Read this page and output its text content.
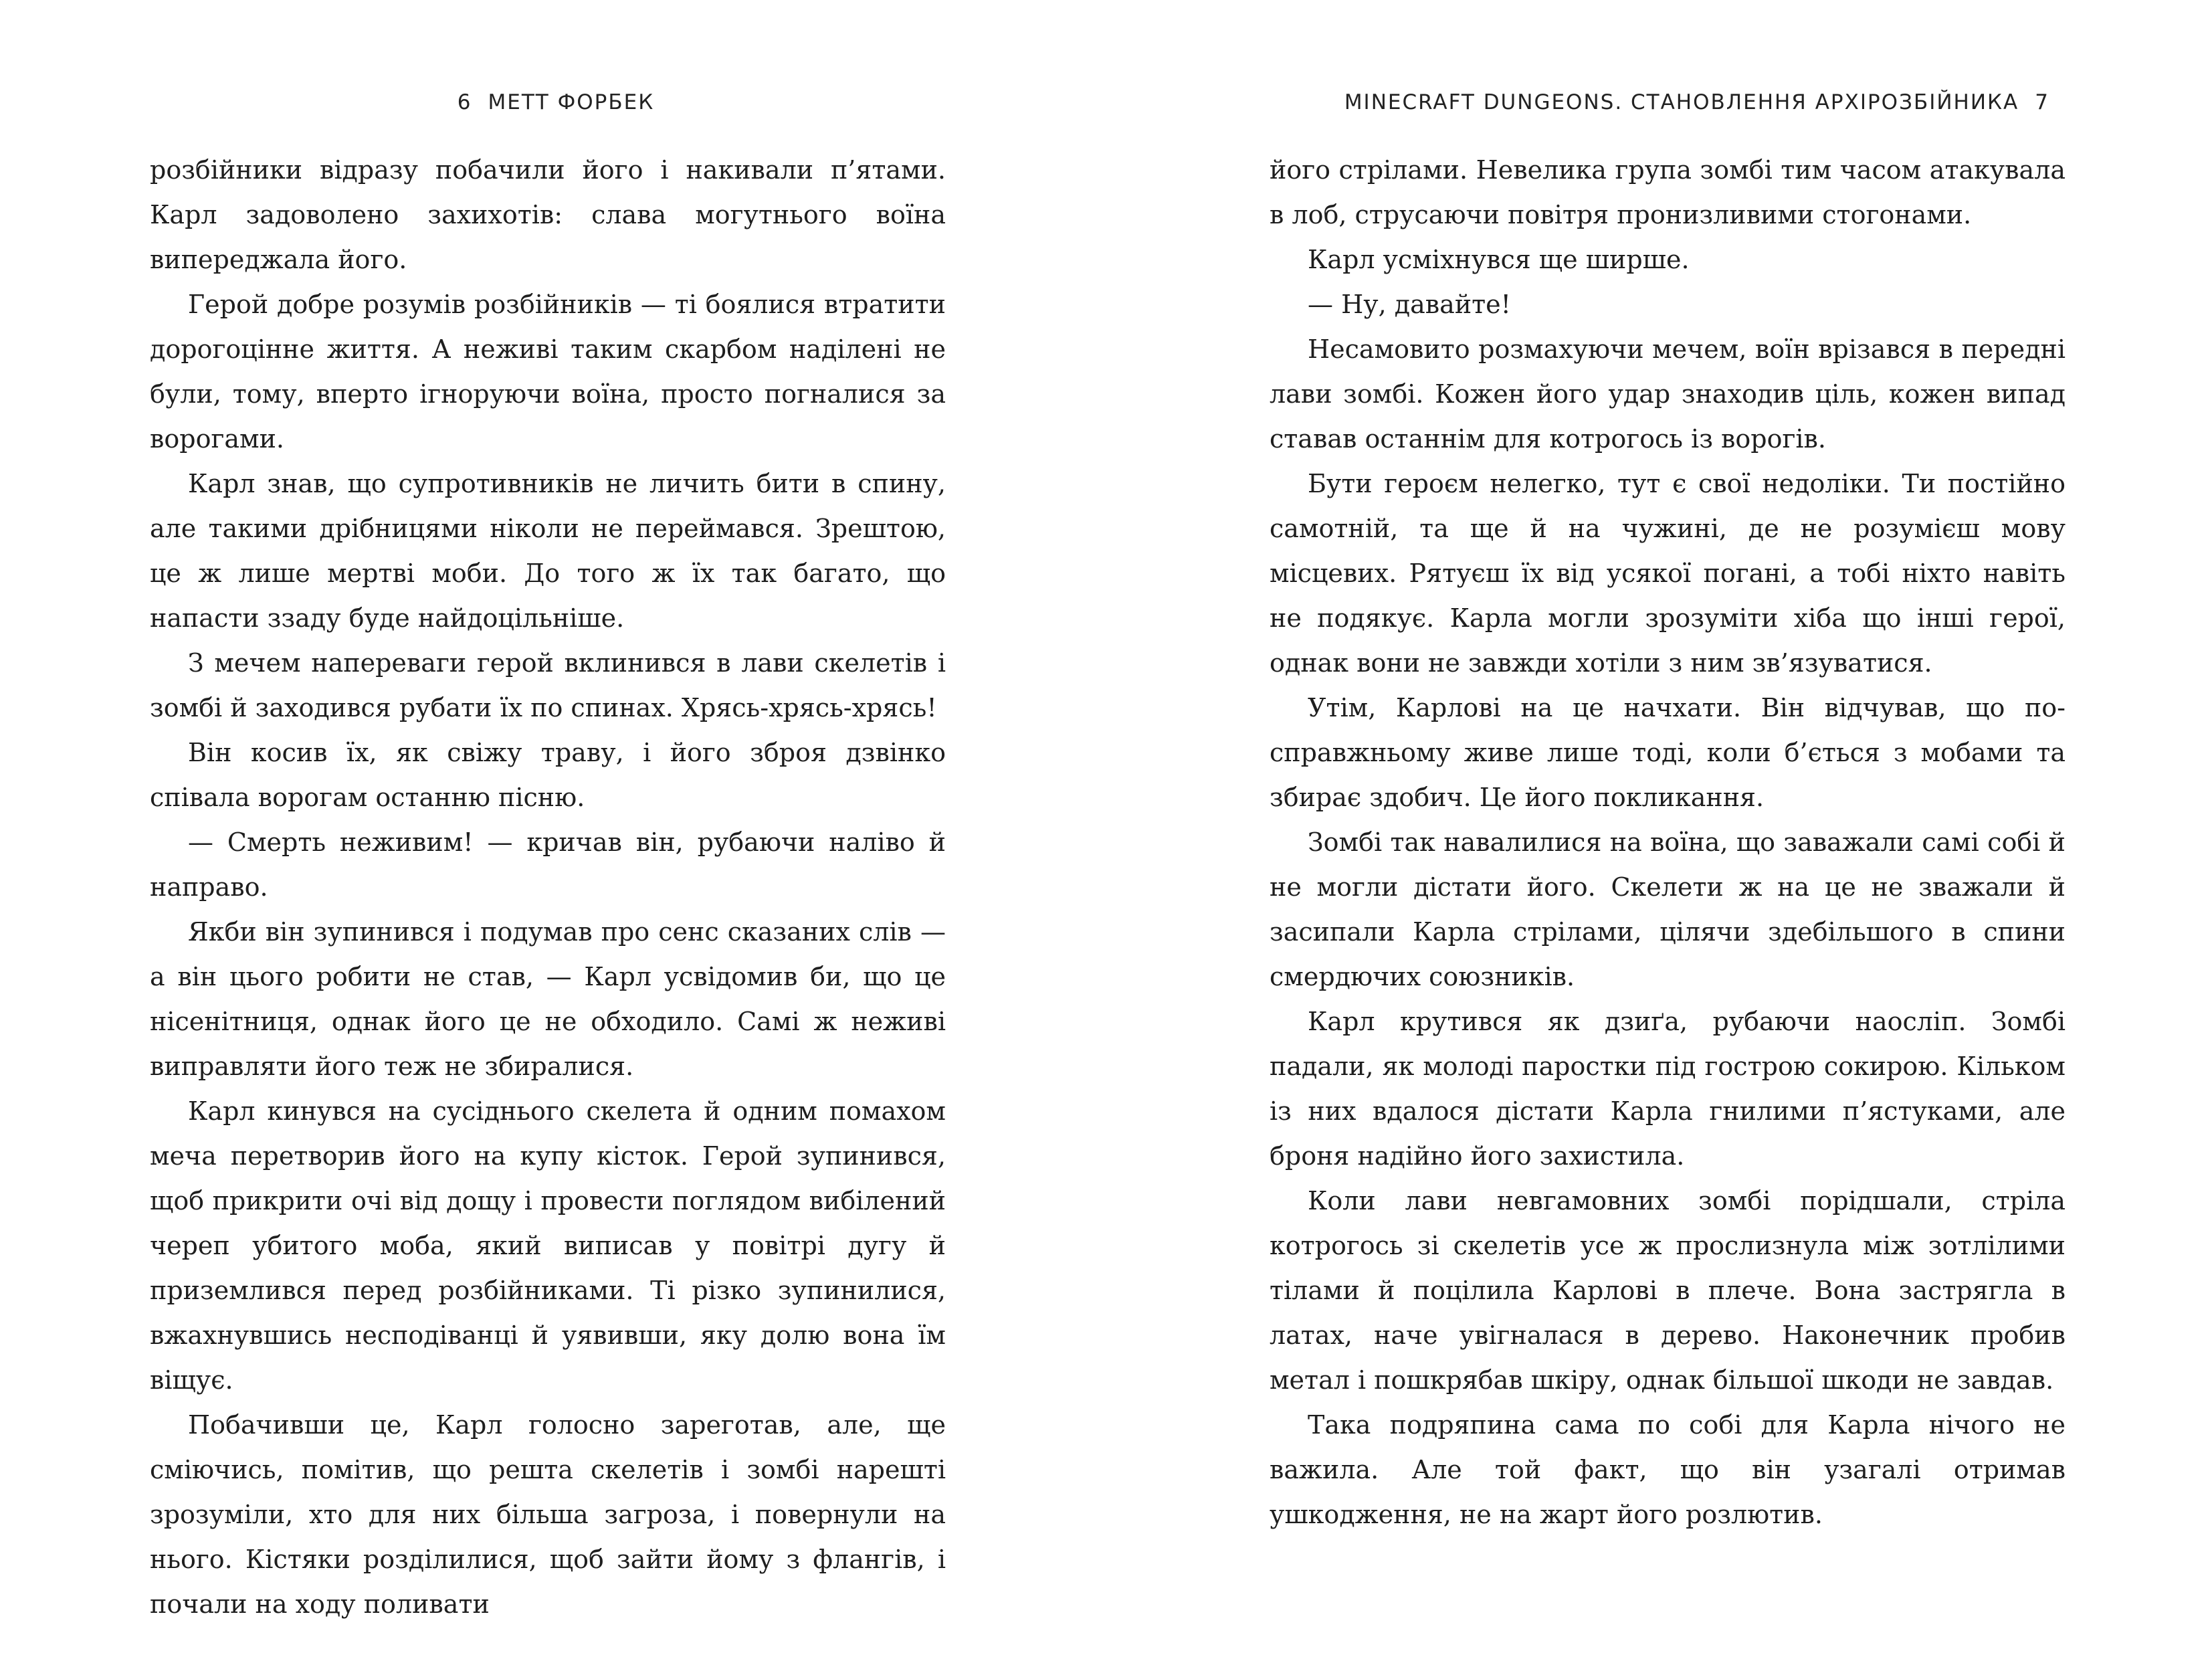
6 МЕТТ ФОРБЕК

розбійники відразу побачили його і накивали п’ятами. Карл задоволено захихотів: слава могутнього воїна випереджала його.

Герой добре розумів розбійників — ті боялися втратити дорогоцінне життя. А неживі таким скарбом наділені не були, тому, вперто ігноруючи воїна, просто погналися за ворогами.

Карл знав, що супротивників не личить бити в спину, але такими дрібницями ніколи не переймався. Зрештою, це ж лише мертві моби. До того ж їх так багато, що напасти ззаду буде найдоцільніше.

З мечем напереваги герой вклинився в лави скелетів і зомбі й заходився рубати їх по спинах. Хрясь-хрясь-хрясь!

Він косив їх, як свіжу траву, і його зброя дзвінко співала ворогам останню пісню.

— Смерть неживим! — кричав він, рубаючи наліво й направо.

Якби він зупинився і подумав про сенс сказаних слів — а він цього робити не став, — Карл усвідомив би, що це нісенітниця, однак його це не обходило. Самі ж неживі виправляти його теж не збиралися.

Карл кинувся на сусіднього скелета й одним помахом меча перетворив його на купу кісток. Герой зупинився, щоб прикрити очі від дощу і провести поглядом вибілений череп убитого моба, який виписав у повітрі дугу й приземлився перед розбійниками. Ті різко зупинилися, вжахнувшись несподіванці й уявивши, яку долю вона їм віщує.

Побачивши це, Карл голосно зареготав, але, ще сміючись, помітив, що решта скелетів і зомбі нарешті зрозуміли, хто для них більша загроза, і повернули на нього. Кістяки розділилися, щоб зайти йому з флангів, і почали на ходу поливати

MINECRAFT DUNGEONS. СТАНОВЛЕННЯ АРХІРОЗБІЙНИКА 7

його стрілами. Невелика група зомбі тим часом атакувала в лоб, струсаючи повітря пронизливими стогонами.

Карл усміхнувся ще ширше.

— Ну, давайте!

Несамовито розмахуючи мечем, воїн врізався в передні лави зомбі. Кожен його удар знаходив ціль, кожен випад ставав останнім для котрогось із ворогів.

Бути героєм нелегко, тут є свої недоліки. Ти постійно самотній, та ще й на чужині, де не розумієш мову місцевих. Рятуєш їх від усякої погані, а тобі ніхто навіть не подякує. Карла могли зрозуміти хіба що інші герої, однак вони не завжди хотіли з ним зв’язуватися.

Утім, Карлові на це начхати. Він відчував, що по-справжньому живе лише тоді, коли б’ється з мобами та збирає здобич. Це його покликання.

Зомбі так навалилися на воїна, що заважали самі собі й не могли дістати його. Скелети ж на це не зважали й засипали Карла стрілами, цілячи здебільшого в спини смердючих союзників.

Карл крутився як дзиґа, рубаючи наосліп. Зомбі падали, як молоді паростки під гострою сокирою. Кільком із них вдалося дістати Карла гнилими п’ястуками, але броня надійно його захистила.

Коли лави невгамовних зомбі порідшали, стріла котрогось зі скелетів усе ж прослизнула між зотлілими тілами й поцілила Карлові в плече. Вона застрягла в латах, наче увігналася в дерево. Наконечник пробив метал і пошкрябав шкіру, однак більшої шкоди не завдав.

Така подряпина сама по собі для Карла нічого не важила. Але той факт, що він узагалі отримав ушкодження, не на жарт його розлютив.
